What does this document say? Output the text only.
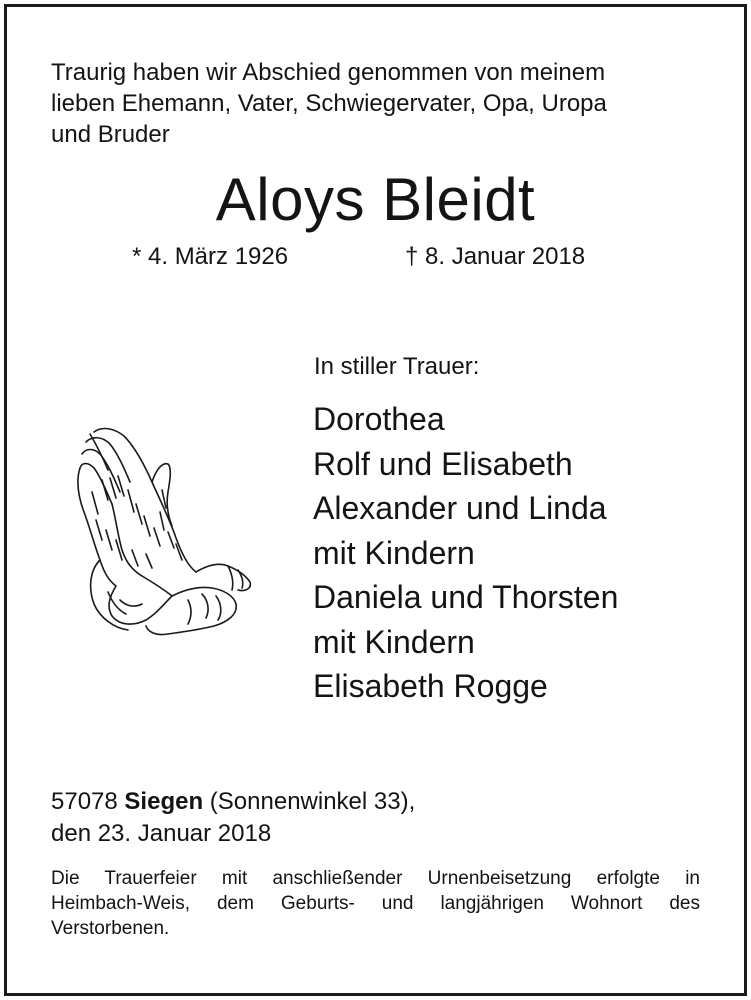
Traurig haben wir Abschied genommen von meinem
lieben Ehemann, Vater, Schwiegervater, Opa, Uropa
und Bruder
Aloys Bleidt
* 4. März 1926	† 8. Januar 2018
In stiller Trauer:
Dorothea
Rolf und Elisabeth
Alexander und Linda
mit Kindern
Daniela und Thorsten
mit Kindern
Elisabeth Rogge
57078 Siegen (Sonnenwinkel 33),
den 23. Januar 2018
Die Trauerfeier mit anschließender Urnenbeisetzung erfolgte in
Heimbach-Weis, dem Geburts- und langjährigen Wohnort des
Verstorbenen.
